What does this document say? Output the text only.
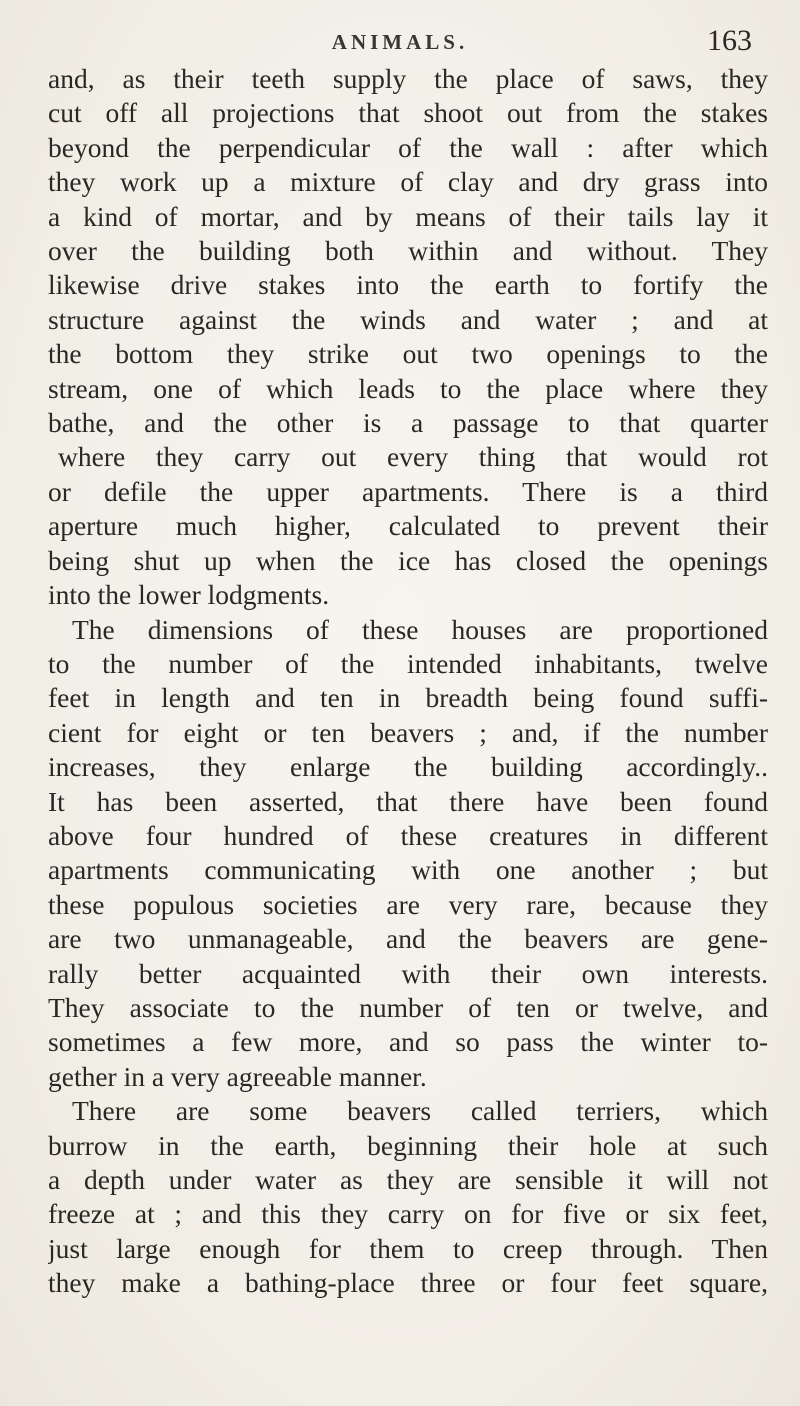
ANIMALS.	163

and, as their teeth supply the place of saws, they
cut off all projections that shoot out from the stakes
beyond the perpendicular of the wall : after which
they work up a mixture of clay and dry grass into
a kind of mortar, and by means of their tails lay it
over the building both within and without. They
likewise drive stakes into the earth to fortify the
structure against the winds and water ; and at
the bottom they strike out two openings to the
stream, one of which leads to the place where they
bathe, and the other is a passage to that quarter
where they carry out every thing that would rot
or defile the upper apartments. There is a third
aperture much higher, calculated to prevent their
being shut up when the ice has closed the openings
into the lower lodgments.

The dimensions of these houses are proportioned
to the number of the intended inhabitants, twelve
feet in length and ten in breadth being found suffi-
cient for eight or ten beavers ; and, if the number
increases, they enlarge the building accordingly..
It has been asserted, that there have been found
above four hundred of these creatures in different
apartments communicating with one another ; but
these populous societies are very rare, because they
are two unmanageable, and the beavers are gene-
rally better acquainted with their own interests.
They associate to the number of ten or twelve, and
sometimes a few more, and so pass the winter to-
gether in a very agreeable manner.

There are some beavers called terriers, which
burrow in the earth, beginning their hole at such
a depth under water as they are sensible it will not
freeze at ; and this they carry on for five or six feet,
just large enough for them to creep through. Then
they make a bathing-place three or four feet square,
